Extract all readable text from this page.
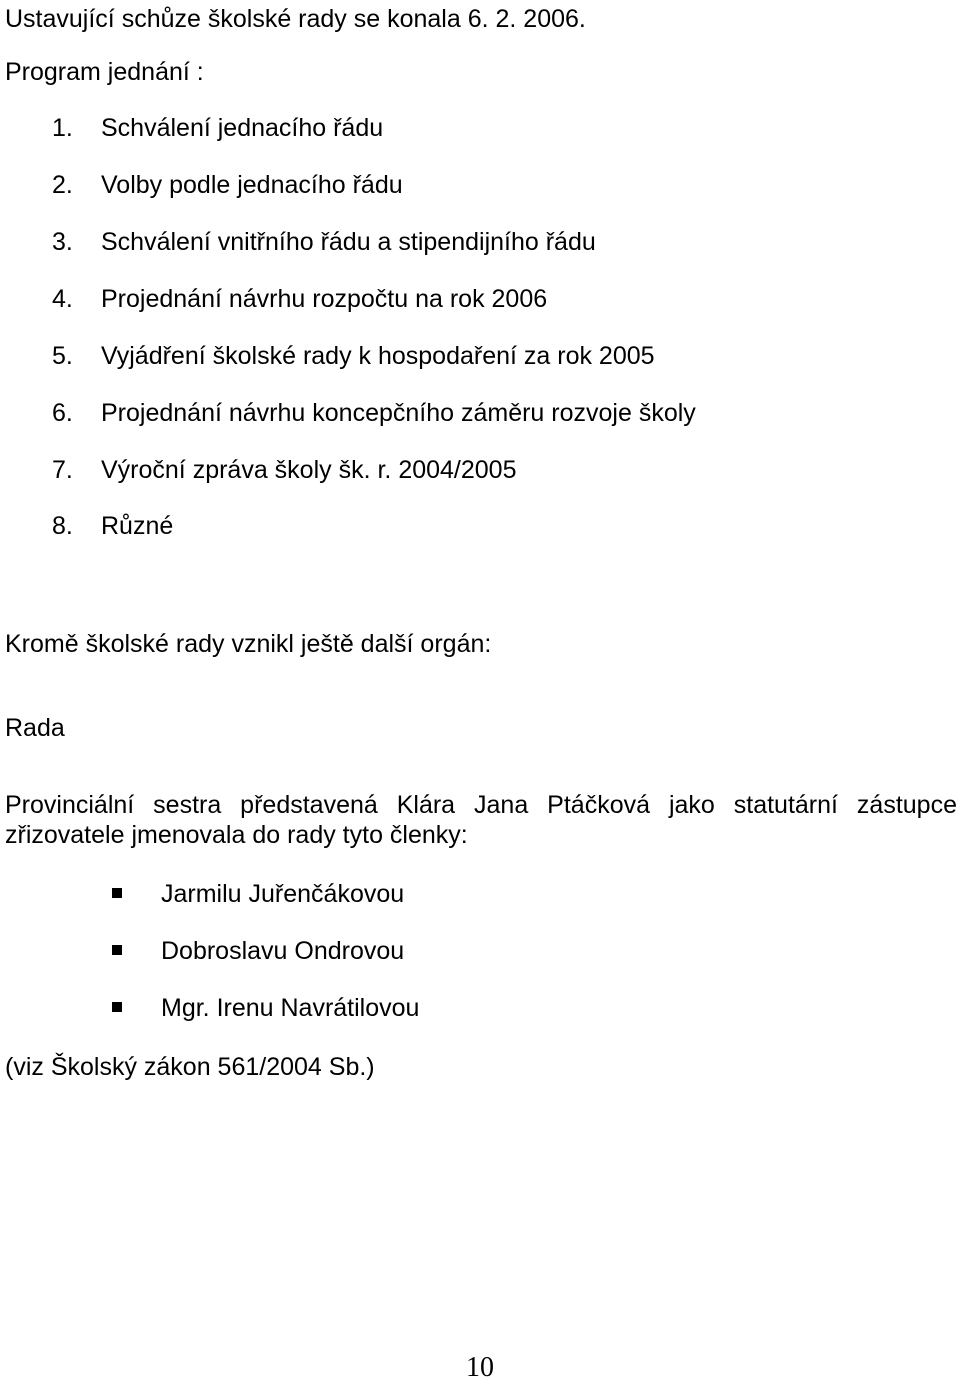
Ustavující schůze školské rady se konala 6. 2. 2006.
Program jednání :
1. Schválení jednacího řádu
2. Volby podle jednacího řádu
3. Schválení vnitřního řádu a stipendijního řádu
4. Projednání návrhu rozpočtu na rok 2006
5. Vyjádření školské rady k hospodaření za rok 2005
6. Projednání návrhu koncepčního záměru rozvoje školy
7. Výroční zpráva školy šk. r. 2004/2005
8. Různé
Kromě školské rady vznikl ještě další orgán:
Rada
Provinciální sestra představená Klára Jana Ptáčková jako statutární zástupce zřizovatele jmenovala do rady tyto členky:
Jarmilu Juřenčákovou
Dobroslavu Ondrovou
Mgr. Irenu Navrátilovou
(viz Školský zákon 561/2004 Sb.)
10
